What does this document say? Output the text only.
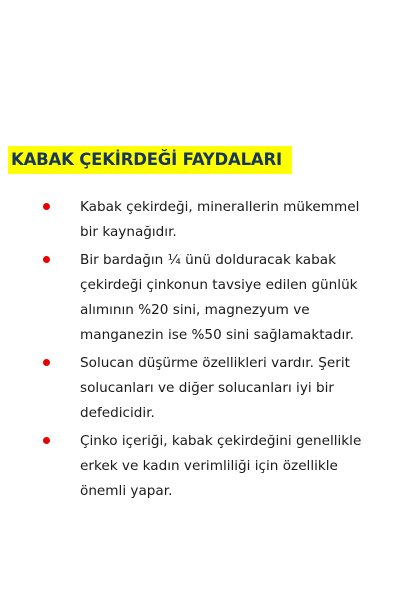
KABAK ÇEKİRDEĞİ FAYDALARI
Kabak çekirdeği, minerallerin mükemmel
bir kaynağıdır.
Bir bardağın ¼ ünü dolduracak kabak
çekirdeği çinkonun tavsiye edilen günlük
alımının %20 sini, magnezyum ve
manganezin ise %50 sini sağlamaktadır.
Solucan düşürme özellikleri vardır. Şerit
solucanları ve diğer solucanları iyi bir
defedicidir.
Çinko içeriği, kabak çekirdeğini genellikle
erkek ve kadın verimliliği için özellikle
önemli yapar.
